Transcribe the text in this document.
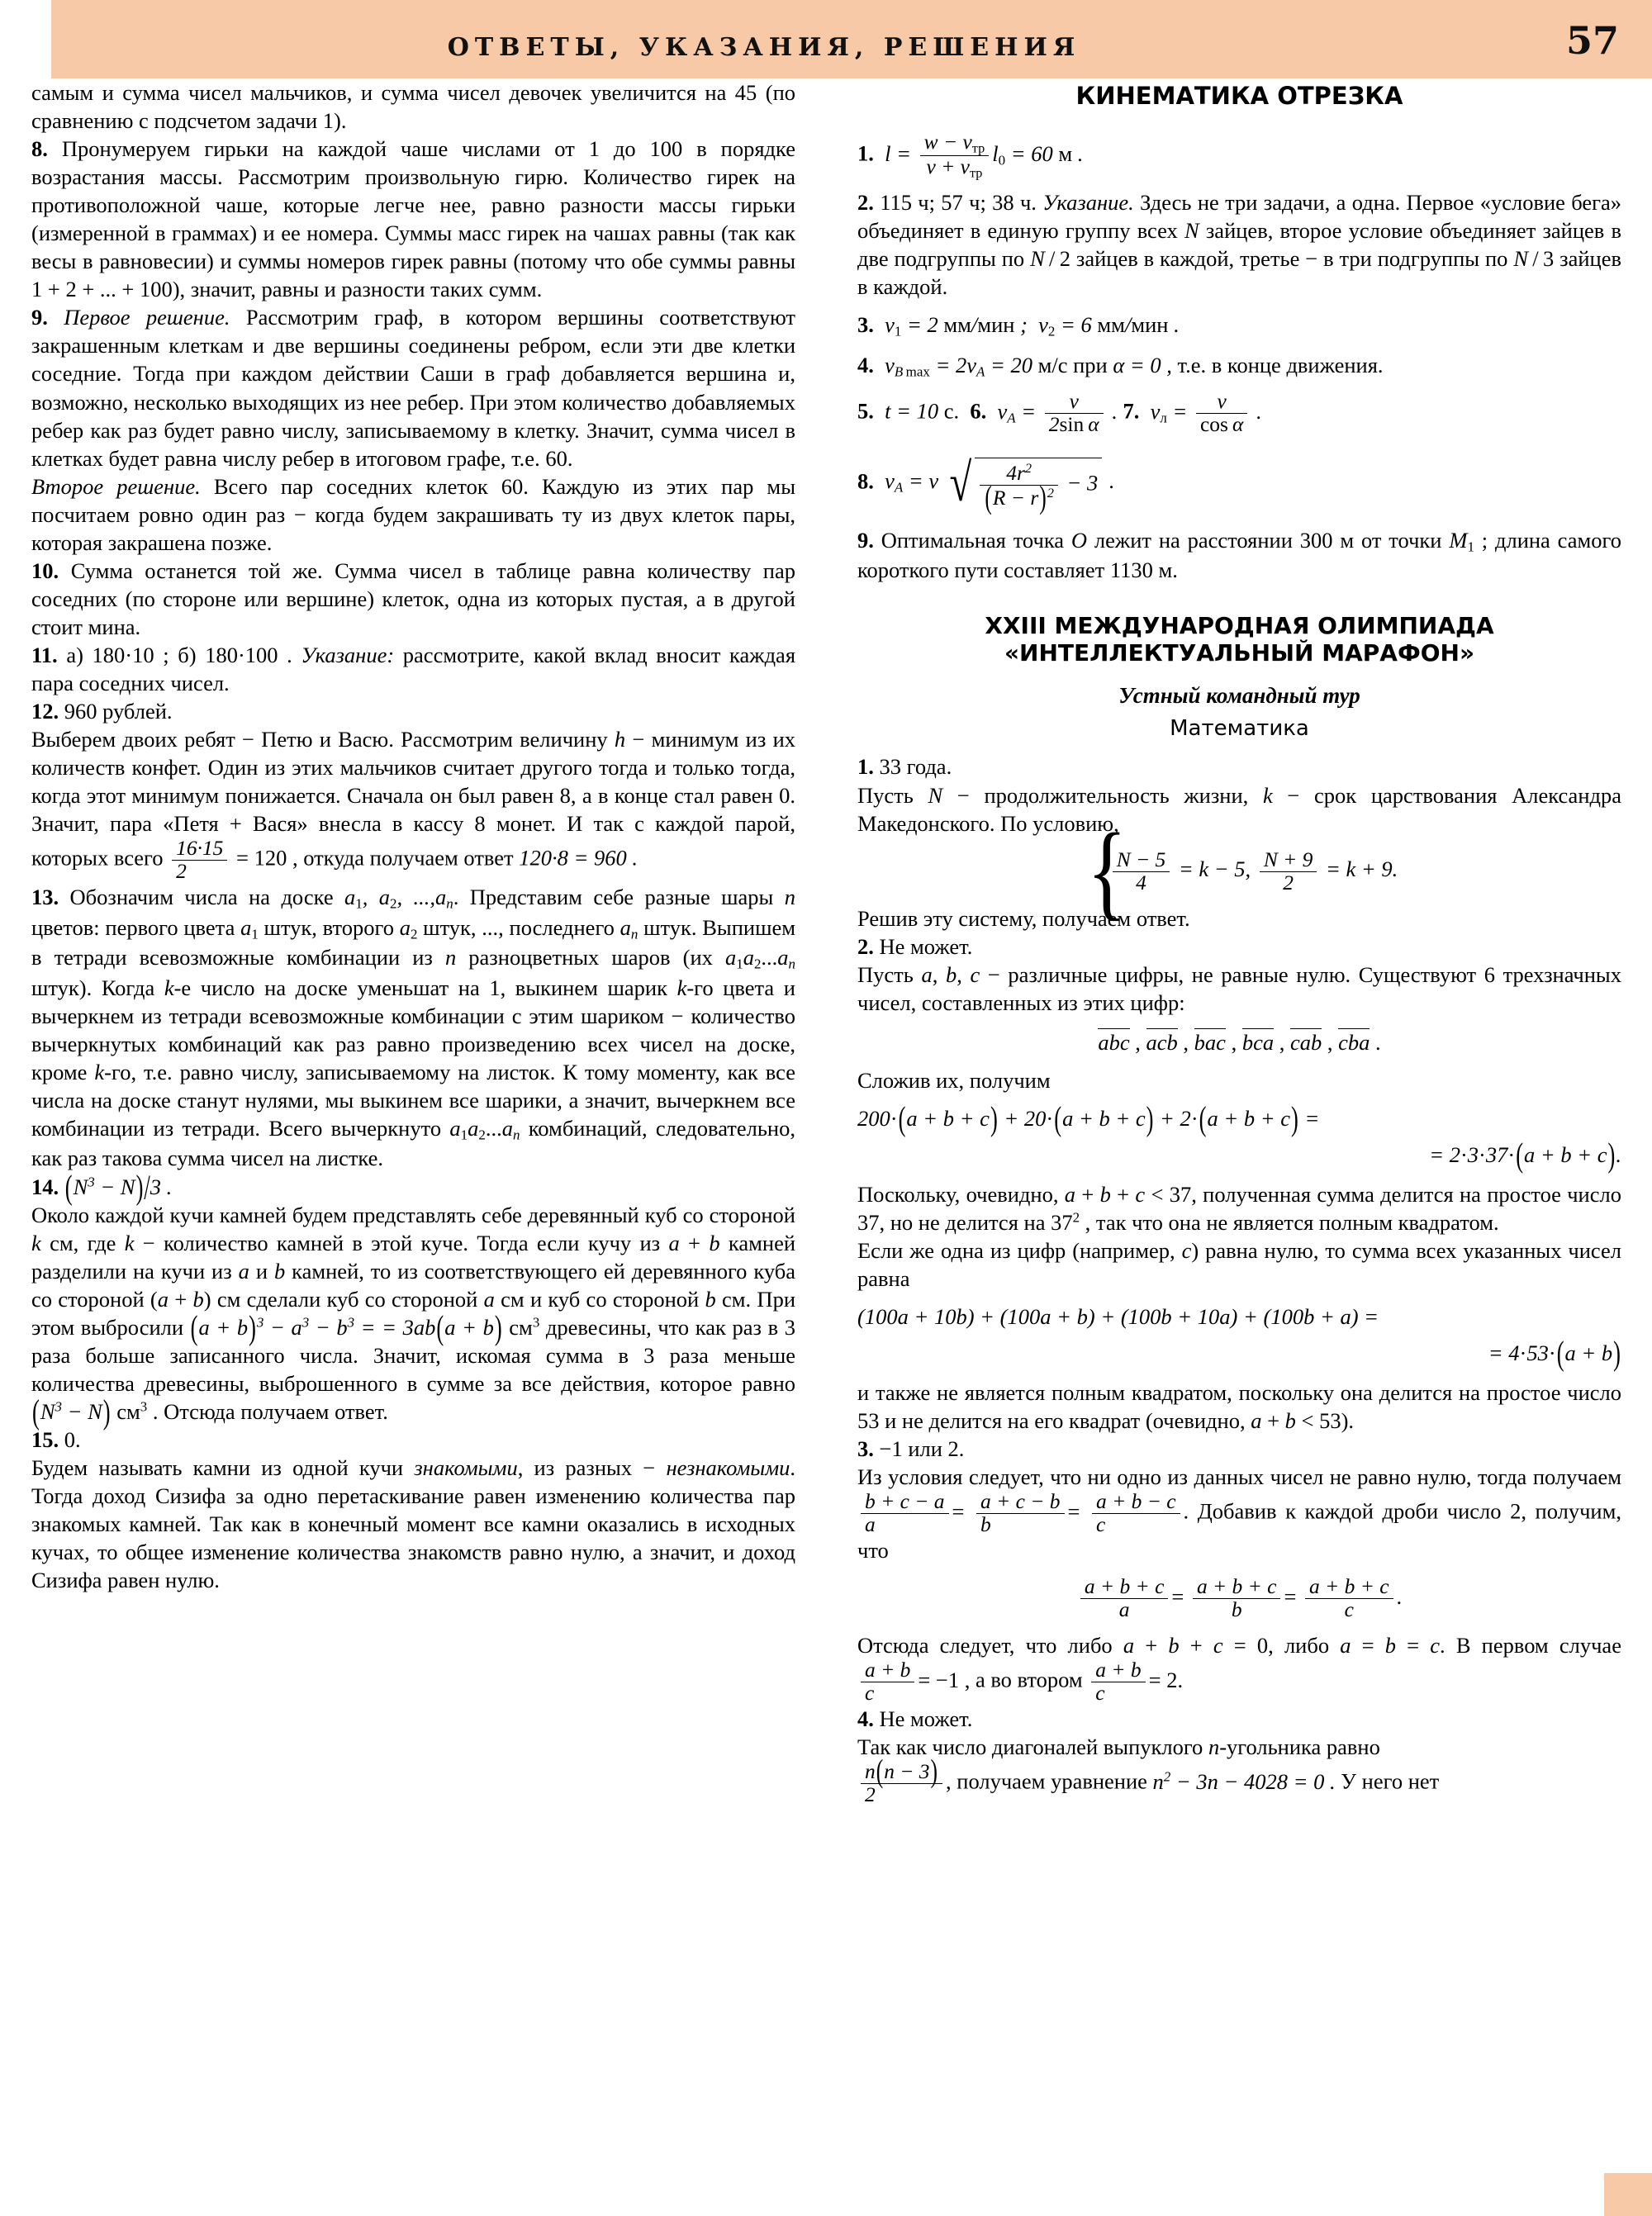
ОТВЕТЫ, УКАЗАНИЯ, РЕШЕНИЯ	57

самым и сумма чисел мальчиков, и сумма чисел девочек увеличится на 45 (по сравнению с подсчетом задачи 1).

8. Пронумеруем гирьки на каждой чаше числами от 1 до 100 в порядке возрастания массы. Рассмотрим произвольную гирю. Количество гирек на противоположной чаше, которые легче нее, равно разности массы гирьки (измеренной в граммах) и ее номера. Суммы масс гирек на чашах равны (так как весы в равновесии) и суммы номеров гирек равны (потому что обе суммы равны 1 + 2 + ... + 100), значит, равны и разности таких сумм.

9. Первое решение. Рассмотрим граф, в котором вершины соответствуют закрашенным клеткам и две вершины соединены ребром, если эти две клетки соседние. Тогда при каждом действии Саши в граф добавляется вершина и, возможно, несколько выходящих из нее ребер. При этом количество добавляемых ребер как раз будет равно числу, записываемому в клетку. Значит, сумма чисел в клетках будет равна числу ребер в итоговом графе, т.е. 60.

Второе решение. Всего пар соседних клеток 60. Каждую из этих пар мы посчитаем ровно один раз − когда будем закрашивать ту из двух клеток пары, которая закрашена позже.

10. Сумма останется той же. Сумма чисел в таблице равна количеству пар соседних (по стороне или вершине) клеток, одна из которых пустая, а в другой стоит мина.

11. а) 180·10 ; б) 180·100 . Указание: рассмотрите, какой вклад вносит каждая пара соседних чисел.

12. 960 рублей.

Выберем двоих ребят − Петю и Васю. Рассмотрим величину h − минимум из их количеств конфет. Один из этих мальчиков считает другого тогда и только тогда, когда этот минимум понижается. Сначала он был равен 8, а в конце стал равен 0. Значит, пара «Петя + Вася» внесла в кассу 8 монет. И так с каждой парой, которых всего $\frac{16\cdot 15}{2} = 120$ , откуда получаем ответ 120·8 = 960 .

13. Обозначим числа на доске $a_1$, $a_2$, ...,an. Представим себе разные шары n цветов: первого цвета $a_1$ штук, второго $a_2$ штук, ..., последнего an штук. Выпишем в тетради всевозможные комбинации из n разноцветных шаров (их $a_1a_2...an$ штук). Когда k-е число на доске уменьшат на 1, выкинем шарик k-го цвета и вычеркнем из тетради всевозможные комбинации с этим шариком − количество вычеркнутых комбинаций как раз равно произведению всех чисел на доске, кроме k-го, т.е. равно числу, записываемому на листок. К тому моменту, как все числа на доске станут нулями, мы выкинем все шарики, а значит, вычеркнем все комбинации из тетради. Всего вычеркнуто $a_1a_2...an$ комбинаций, следовательно, как раз такова сумма чисел на листке.

14. $(N^3 - N)/3$ .

Около каждой кучи камней будем представлять себе деревянный куб со стороной k см, где k − количество камней в этой куче. Тогда если кучу из a + b камней разделили на кучи из a и b камней, то из соответствующего ей деревянного куба со стороной (a + b) см сделали куб со стороной a см и куб со стороной b см. При этом выбросили $(a + b)^3 - a^3 - b^3$ = = 3ab(a + b) $см^3$ древесины, что как раз в 3 раза больше записанного числа. Значит, искомая сумма в 3 раза меньше количества древесины, выброшенного в сумме за все действия, которое равно $(N^3 - N)$ $см^3$ . Отсюда получаем ответ.

15. 0.

Будем называть камни из одной кучи знакомыми, из разных − незнакомыми. Тогда доход Сизифа за одно перетаскивание равен изменению количества пар знакомых камней. Так как в конечный момент все камни оказались в исходных кучах, то общее изменение количества знакомств равно нулю, а значит, и доход Сизифа равен нулю.

КИНЕМАТИКА ОТРЕЗКА
1.  $l = \frac{w - v_{тр}}{v + v_{тр}} l_0 = 60$ м .

2. 115 ч; 57 ч; 38 ч. Указание. Здесь не три задачи, а одна. Первое «условие бега» объединяет в единую группу всех N зайцев, второе условие объединяет зайцев в две подгруппы по N / 2 зайцев в каждой, третье − в три подгруппы по N / 3 зайцев в каждой.

3.  $v_1 = 2$ мм/мин ;  $v_2 = 6$ мм/мин .
4.  vB $_{max}$ = 2vA = 20 м/с при α = 0 , т.е. в конце движения.
5.  t = 10 с. 6.  vA = $\frac{v}{\text{2sin α}}$ . 7.  $v_л = \frac{v}{\text{cos α}}$ .
8.  vA = v √ $\frac{4r^2}{(R - r)^2} - 3$ .

9. Оптимальная точка O лежит на расстоянии 300 м от точки $M_1$ ; длина самого короткого пути составляет 1130 м.

XXIII МЕЖДУНАРОДНАЯ ОЛИМПИАДА
«ИНТЕЛЛЕКТУАЛЬНЫЙ МАРАФОН»
Устный командный тур
Математика

1. 33 года.

Пусть N − продолжительность жизни, k − срок царствования Александра Македонского. По условию,

{
$\frac{N - 5}{4} = k - 5$, $\frac{N + 9}{2} = k + 9$.

Решив эту систему, получаем ответ.

2. Не может.

Пусть a, b, c − различные цифры, не равные нулю. Существуют 6 трехзначных чисел, составленных из этих цифр:

abc , acb , bac , bca , cab , cba .

Сложив их, получим

200·(a + b + c) + 20·(a + b + c) + 2·(a + b + c) =
= 2·3·37·(a + b + c).

Поскольку, очевидно, a + b + c < 37, полученная сумма делится на простое число 37, но не делится на $37^2$ , так что она не является полным квадратом.

Если же одна из цифр (например, c) равна нулю, то сумма всех указанных чисел равна

(100a + 10b) + (100a + b) + (100b + 10a) + (100b + a) =
= 4·53·(a + b)

и также не является полным квадратом, поскольку она делится на простое число 53 и не делится на его квадрат (очевидно, a + b < 53).

3. −1 или 2.

Из условия следует, что ни одно из данных чисел не равно нулю, тогда получаем
$\frac{b + c - a}{a} = \frac{a + c - b}{b} = \frac{a + b - c}{c}$ . Добавив к каждой дроби число 2, получим, что

$\frac{a + b + c}{a} = \frac{a + b + c}{b} = \frac{a + b + c}{c}$ .

Отсюда следует, что либо a + b + c = 0, либо a = b = c. В первом случае
$\frac{a + b}{c} = -1$ , а во втором $\frac{a + b}{c} = 2$.

4. Не может.

Так как число диагоналей выпуклого n-угольника равно

$\frac{n(n - 3)}{2}$ , получаем уравнение $n^2 - 3n - 4028 = 0$ . У него нет
